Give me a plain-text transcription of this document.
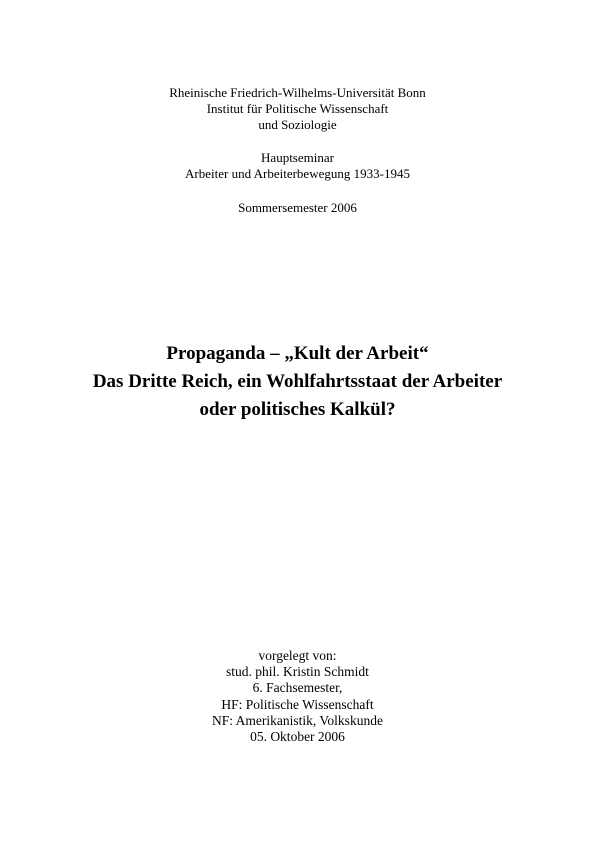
Rheinische Friedrich-Wilhelms-Universität Bonn
Institut für Politische Wissenschaft
und Soziologie
Hauptseminar
Arbeiter und Arbeiterbewegung 1933-1945
Sommersemester 2006
Propaganda – „Kult der Arbeit“
Das Dritte Reich, ein Wohlfahrtsstaat der Arbeiter
oder politisches Kalkül?
vorgelegt von:
stud. phil. Kristin Schmidt
6. Fachsemester,
HF: Politische Wissenschaft
NF: Amerikanistik, Volkskunde
05. Oktober 2006
